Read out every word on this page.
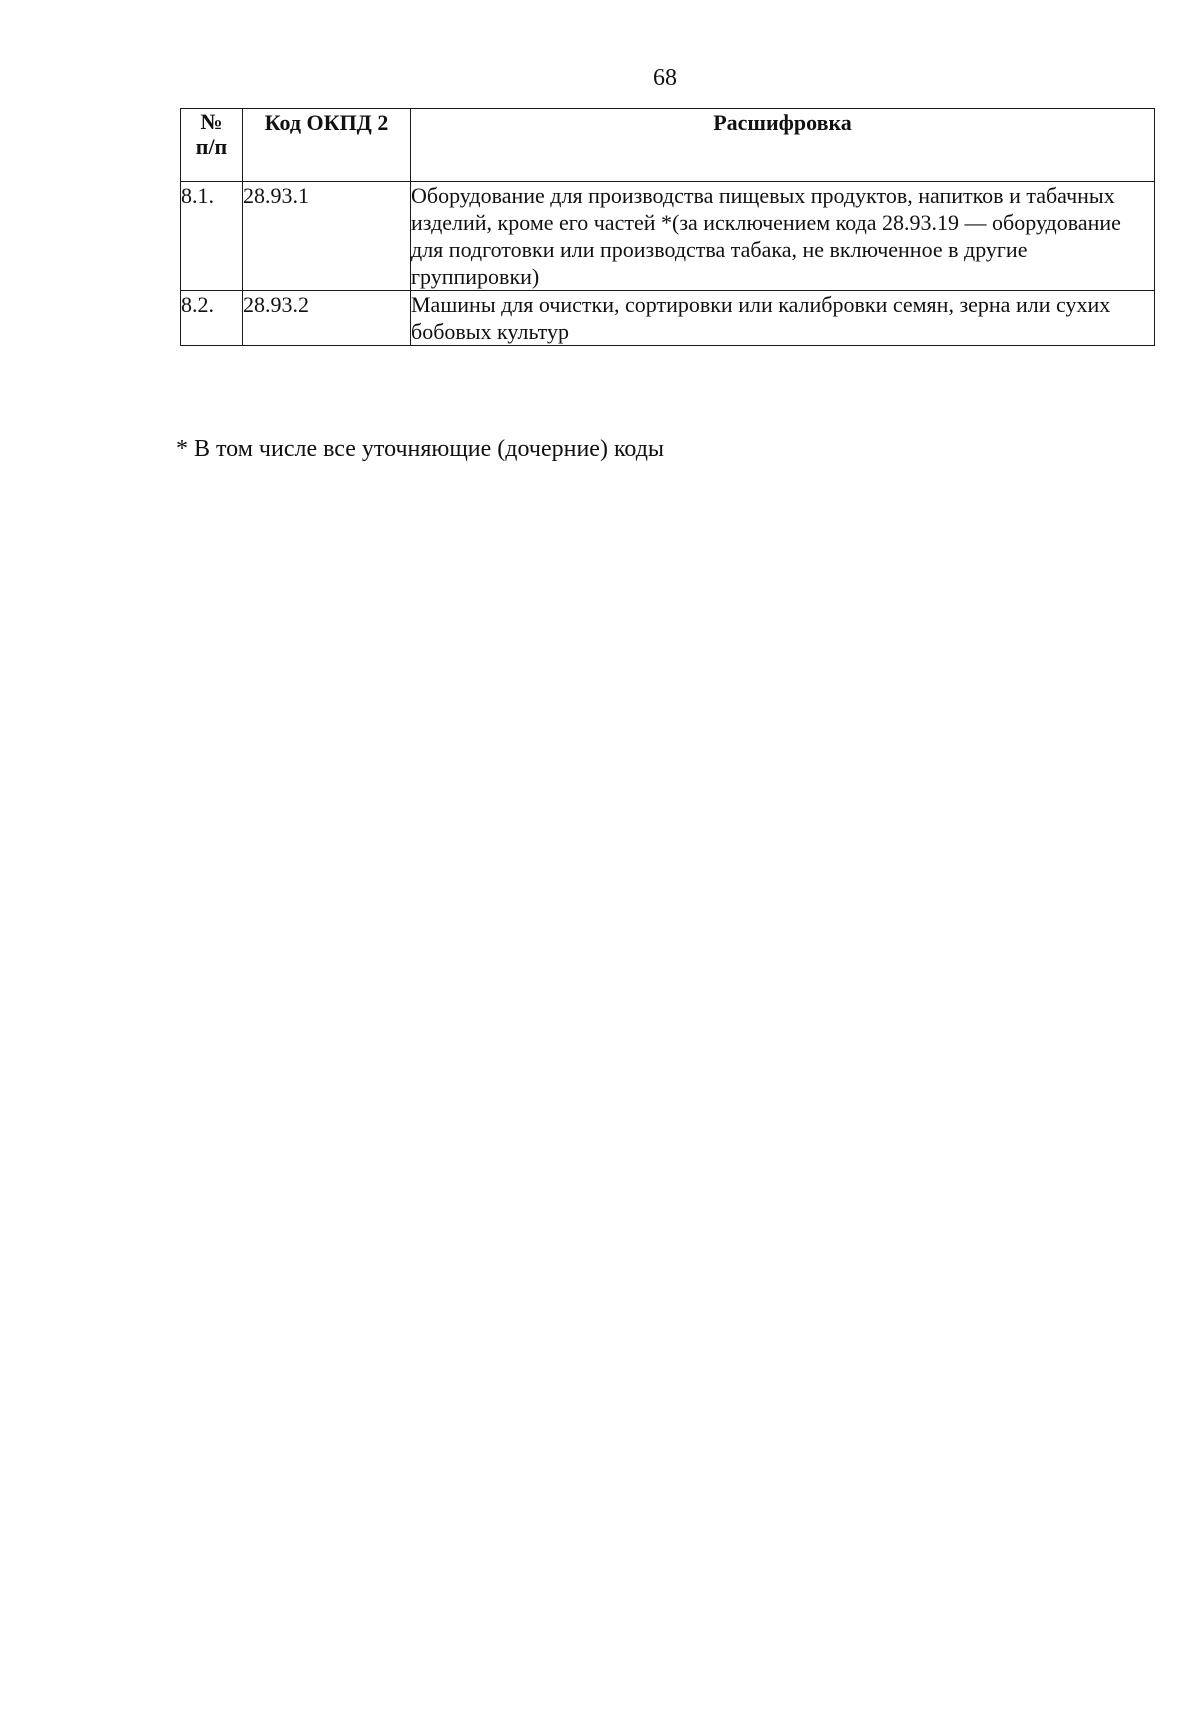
68
№
п/п	Код ОКПД 2	Расшифровка
8.1.	28.93.1	Оборудование для производства пищевых продуктов, напитков и табачных изделий, кроме его частей *(за исключением кода 28.93.19 — оборудование для подготовки или производства табака, не включенное в другие группировки)
8.2.	28.93.2	Машины для очистки, сортировки или калибровки семян, зерна или сухих бобовых культур
* В том числе все уточняющие (дочерние) коды
